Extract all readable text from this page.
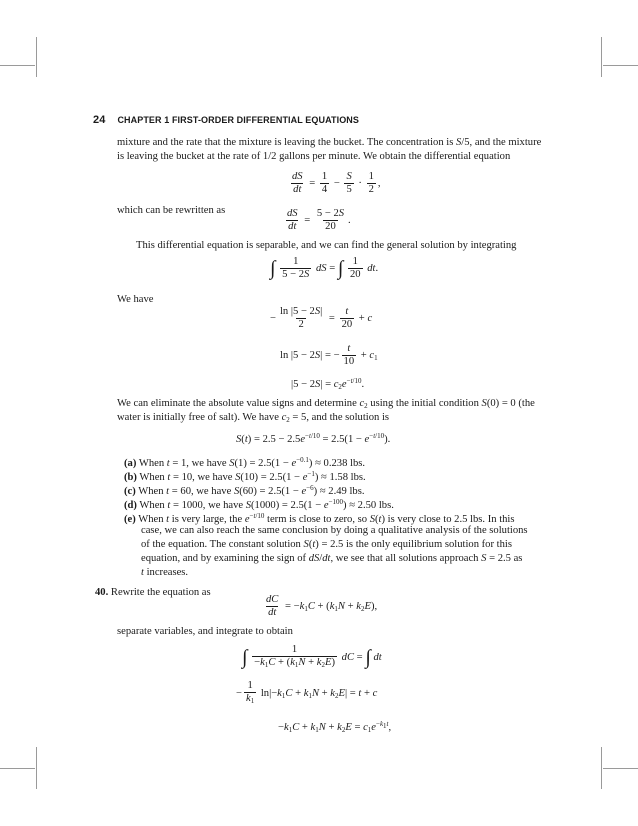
24 CHAPTER 1 FIRST-ORDER DIFFERENTIAL EQUATIONS
mixture and the rate that the mixture is leaving the bucket. The concentration is S/5, and the mixture
is leaving the bucket at the rate of 1/2 gallons per minute. We obtain the differential equation
$\frac{dS}{dt} = \frac{1}{4} - \frac{S}{5} \cdot \frac{1}{2}$ ,
which can be rewritten as	$\frac{dS}{dt} = \frac{5 - 2S}{20}$ .
This differential equation is separable, and we can find the general solution by integrating
∫ $\frac{1}{5 - 2S}$ dS = ∫ $\frac{1}{20}$ dt.
We have
− $\frac{\ln |5 - 2S|}{2} = \frac{t}{20} + c$
ln |5 − 2S| = − $\frac{t}{10} + c_1$
$|5 - 2S| = c_2e^{-t/10}$.
We can eliminate the absolute value signs and determine $c_2$ using the initial condition S(0) = 0 (the
water is initially free of salt). We have $c_2 = 5$, and the solution is
$S(t) = 2.5 - 2.5e^{-t/10} = 2.5(1 - e^{-t/10})$.
(a) When t = 1, we have $S(1) = 2.5(1 - e^{-0.1}) \approx 0.238$ lbs.
(b) When t = 10, we have $S(10) = 2.5(1 - e^{-1}) \approx 1.58$ lbs.
(c) When t = 60, we have $S(60) = 2.5(1 - e^{-6}) \approx 2.49$ lbs.
(d) When t = 1000, we have $S(1000) = 2.5(1 - e^{-100}) \approx 2.50$ lbs.
(e) When t is very large, the $e^{-t/10}$ term is close to zero, so S(t) is very close to 2.5 lbs. In this
case, we can also reach the same conclusion by doing a qualitative analysis of the solutions
of the equation. The constant solution S(t) = 2.5 is the only equilibrium solution for this
equation, and by examining the sign of dS/dt, we see that all solutions approach S = 2.5 as
t increases.
40. Rewrite the equation as
$\frac{dC}{dt} = -k_1C + (k_1N + k_2E)$,
separate variables, and integrate to obtain
∫ $\frac{1}{-k_1C + (k_1N + k_2E)}$ dC = ∫ dt
− $\frac{1}{k_1} \ln|-k_1C + k_1N + k_2E| = t + c$
$-k_1C + k_1N + k_2E = c_1e^{-k_1t}$,
